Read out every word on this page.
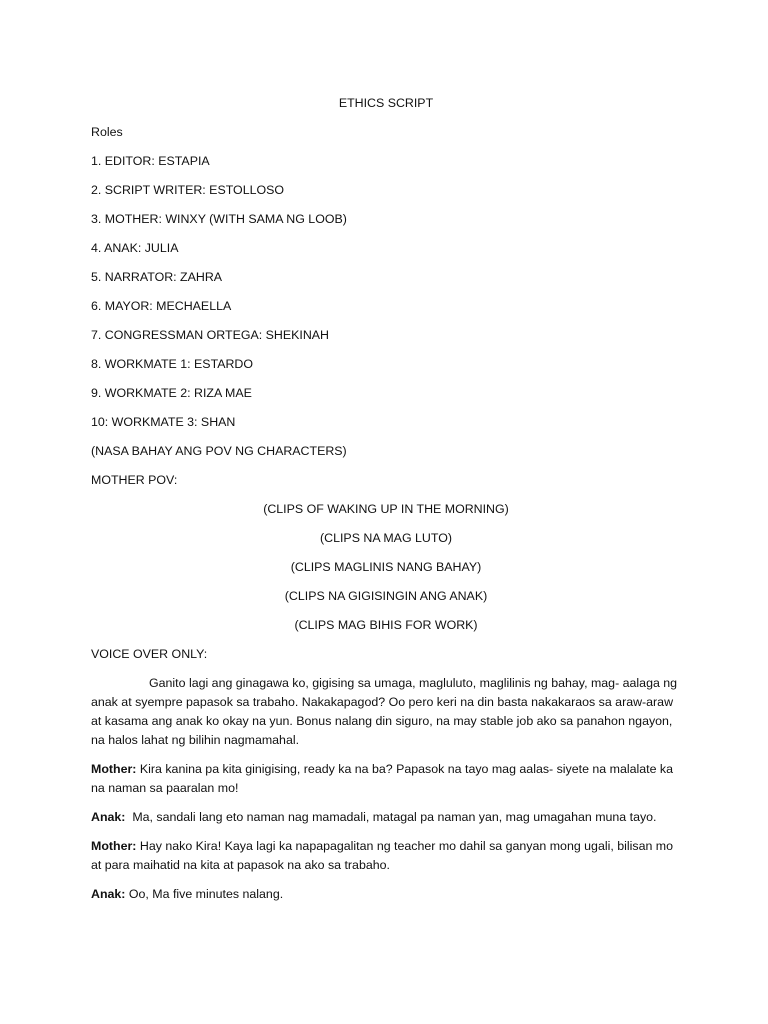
ETHICS SCRIPT
Roles
1. EDITOR: ESTAPIA
2. SCRIPT WRITER: ESTOLLOSO
3. MOTHER: WINXY (WITH SAMA NG LOOB)
4. ANAK: JULIA
5. NARRATOR: ZAHRA
6. MAYOR: MECHAELLA
7. CONGRESSMAN ORTEGA: SHEKINAH
8. WORKMATE 1: ESTARDO
9. WORKMATE 2: RIZA MAE
10: WORKMATE 3: SHAN
(NASA BAHAY ANG POV NG CHARACTERS)
MOTHER POV:
(CLIPS OF WAKING UP IN THE MORNING)
(CLIPS NA MAG LUTO)
(CLIPS MAGLINIS NANG BAHAY)
(CLIPS NA GIGISINGIN ANG ANAK)
(CLIPS MAG BIHIS FOR WORK)
VOICE OVER ONLY:
Ganito lagi ang ginagawa ko, gigising sa umaga, magluluto, maglilinis ng bahay, mag- aalaga ng anak at syempre papasok sa trabaho. Nakakapagod? Oo pero keri na din basta nakakaraos sa araw-araw at kasama ang anak ko okay na yun. Bonus nalang din siguro, na may stable job ako sa panahon ngayon, na halos lahat ng bilihin nagmamahal.
Mother: Kira kanina pa kita ginigising, ready ka na ba? Papasok na tayo mag aalas- siyete na malalate ka na naman sa paaralan mo!
Anak:  Ma, sandali lang eto naman nag mamadali, matagal pa naman yan, mag umagahan muna tayo.
Mother: Hay nako Kira! Kaya lagi ka napapagalitan ng teacher mo dahil sa ganyan mong ugali, bilisan mo at para maihatid na kita at papasok na ako sa trabaho.
Anak: Oo, Ma five minutes nalang.
